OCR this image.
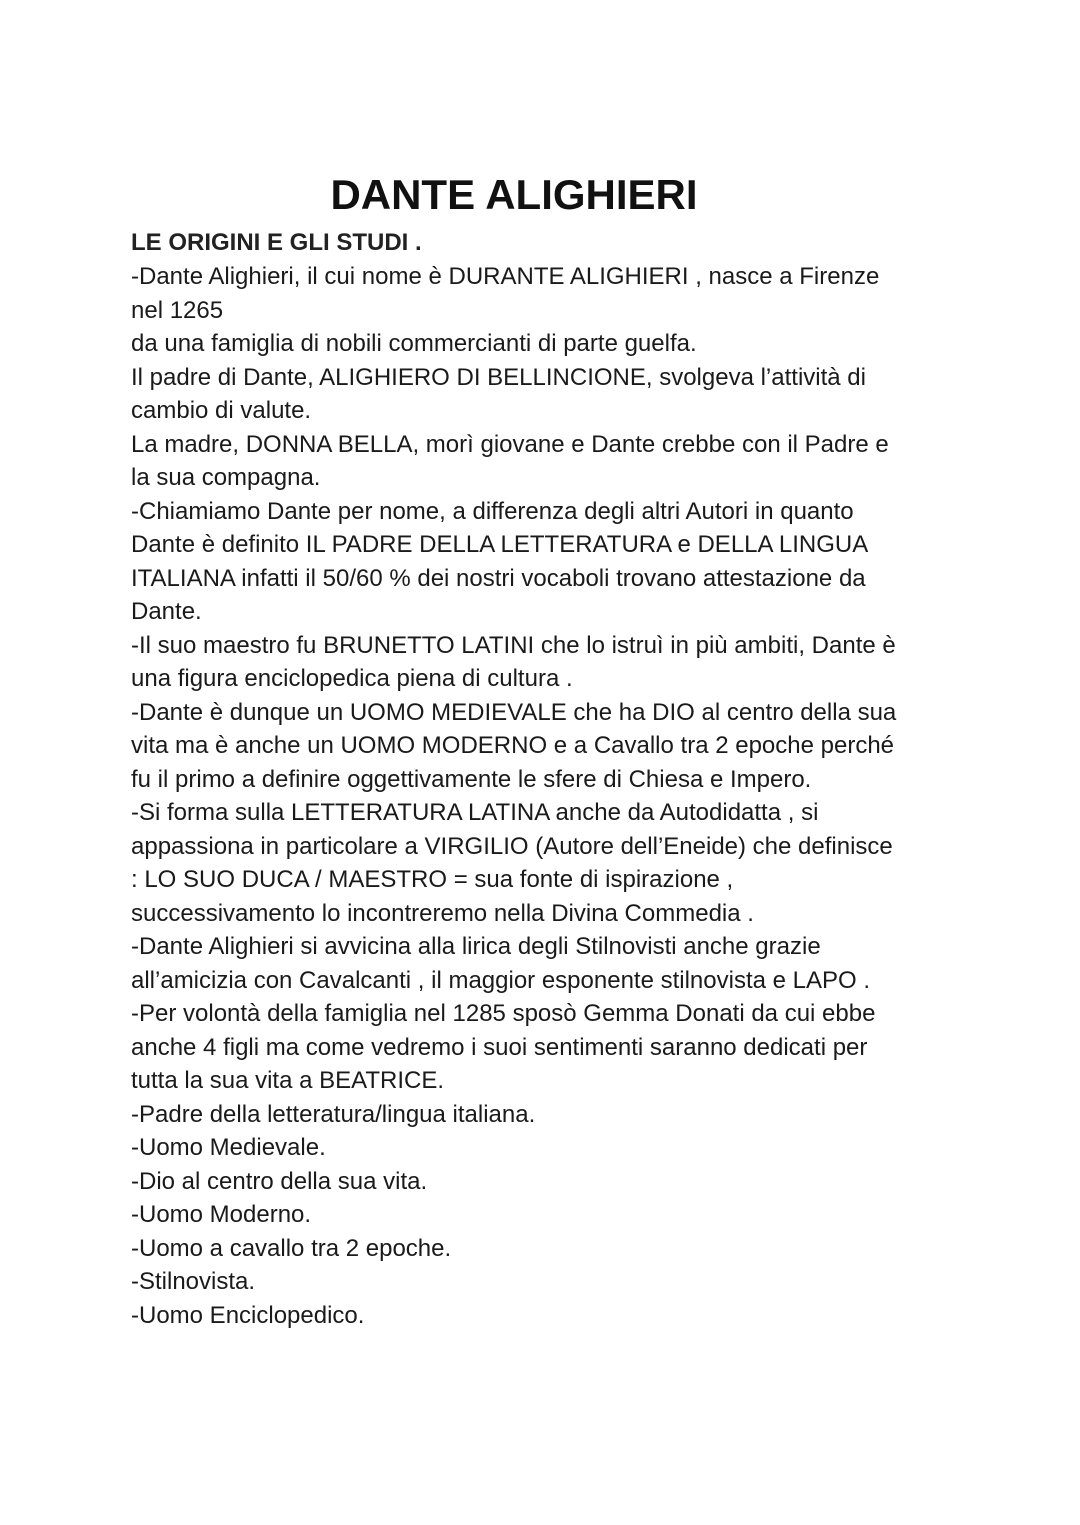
DANTE ALIGHIERI

LE ORIGINI E GLI STUDI .

-Dante Alighieri, il cui nome è DURANTE ALIGHIERI , nasce a Firenze

nel 1265

da una famiglia di nobili commercianti di parte guelfa.

Il padre di Dante, ALIGHIERO DI BELLINCIONE, svolgeva l’attività di

cambio di valute.

La madre, DONNA BELLA, morì giovane e Dante crebbe con il Padre e

la sua compagna.

-Chiamiamo Dante per nome, a differenza degli altri Autori in quanto

Dante è definito IL PADRE DELLA LETTERATURA e DELLA LINGUA

ITALIANA infatti il 50/60 % dei nostri vocaboli trovano attestazione da

Dante.

-Il suo maestro fu BRUNETTO LATINI che lo istruì in più ambiti, Dante è

una figura enciclopedica piena di cultura .

-Dante è dunque un UOMO MEDIEVALE che ha DIO al centro della sua

vita ma è anche un UOMO MODERNO e a Cavallo tra 2 epoche perché

fu il primo a definire oggettivamente le sfere di Chiesa e Impero.

-Si forma sulla LETTERATURA LATINA anche da Autodidatta , si

appassiona in particolare a VIRGILIO (Autore dell’Eneide) che definisce

: LO SUO DUCA / MAESTRO = sua fonte di ispirazione ,

successivamento lo incontreremo nella Divina Commedia .

-Dante Alighieri si avvicina alla lirica degli Stilnovisti anche grazie

all’amicizia con Cavalcanti , il maggior esponente stilnovista e LAPO .

-Per volontà della famiglia nel 1285 sposò Gemma Donati da cui ebbe

anche 4 figli ma come vedremo i suoi sentimenti saranno dedicati per

tutta la sua vita a BEATRICE.

-Padre della letteratura/lingua italiana.

-Uomo Medievale.

-Dio al centro della sua vita.

-Uomo Moderno.

-Uomo a cavallo tra 2 epoche.

-Stilnovista.

-Uomo Enciclopedico.
